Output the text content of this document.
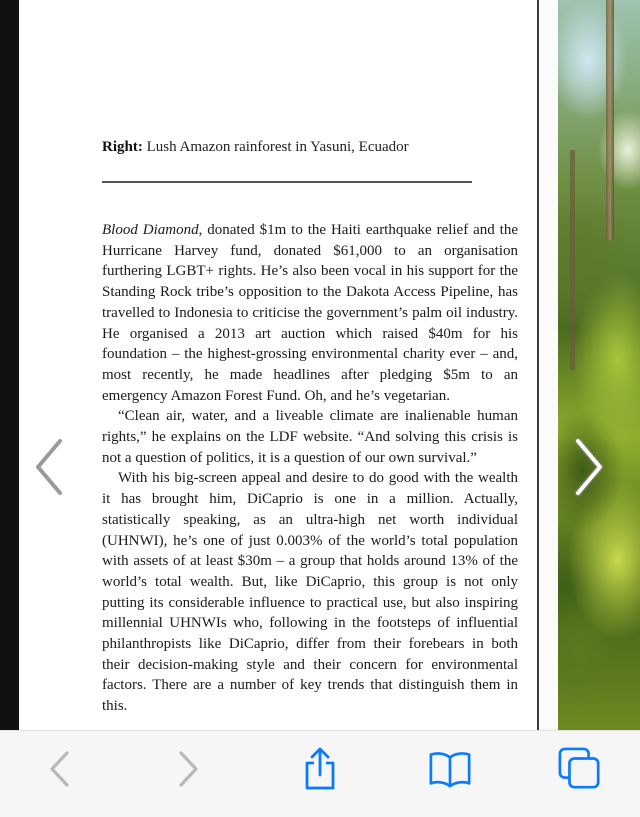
Right: Lush Amazon rainforest in Yasuni, Ecuador

Blood Diamond, donated $1m to the Haiti earthquake relief and the Hurricane Harvey fund, donated $61,000 to an organisation furthering LGBT+ rights. He’s also been vocal in his support for the Standing Rock tribe’s opposition to the Dakota Access Pipeline, has travelled to Indonesia to criticise the government’s palm oil industry. He organised a 2013 art auction which raised $40m for his foundation – the highest-grossing environmental charity ever – and, most recently, he made headlines after pledging $5m to an emergency Amazon Forest Fund. Oh, and he’s vegetarian.

“Clean air, water, and a liveable climate are inalienable human rights,” he explains on the LDF website. “And solving this crisis is not a question of politics, it is a question of our own survival.”

With his big-screen appeal and desire to do good with the wealth it has brought him, DiCaprio is one in a million. Actually, statistically speaking, as an ultra-high net worth individual (UHNWI), he’s one of just 0.003% of the world’s total population with assets of at least $30m – a group that holds around 13% of the world’s total wealth. But, like DiCaprio, this group is not only putting its considerable influence to practical use, but also inspiring millennial UHNWIs who, following in the footsteps of influential philanthropists like DiCaprio, differ from their forebears in both their decision-making style and their concern for environmental factors. There are a number of key trends that distinguish them in this.
